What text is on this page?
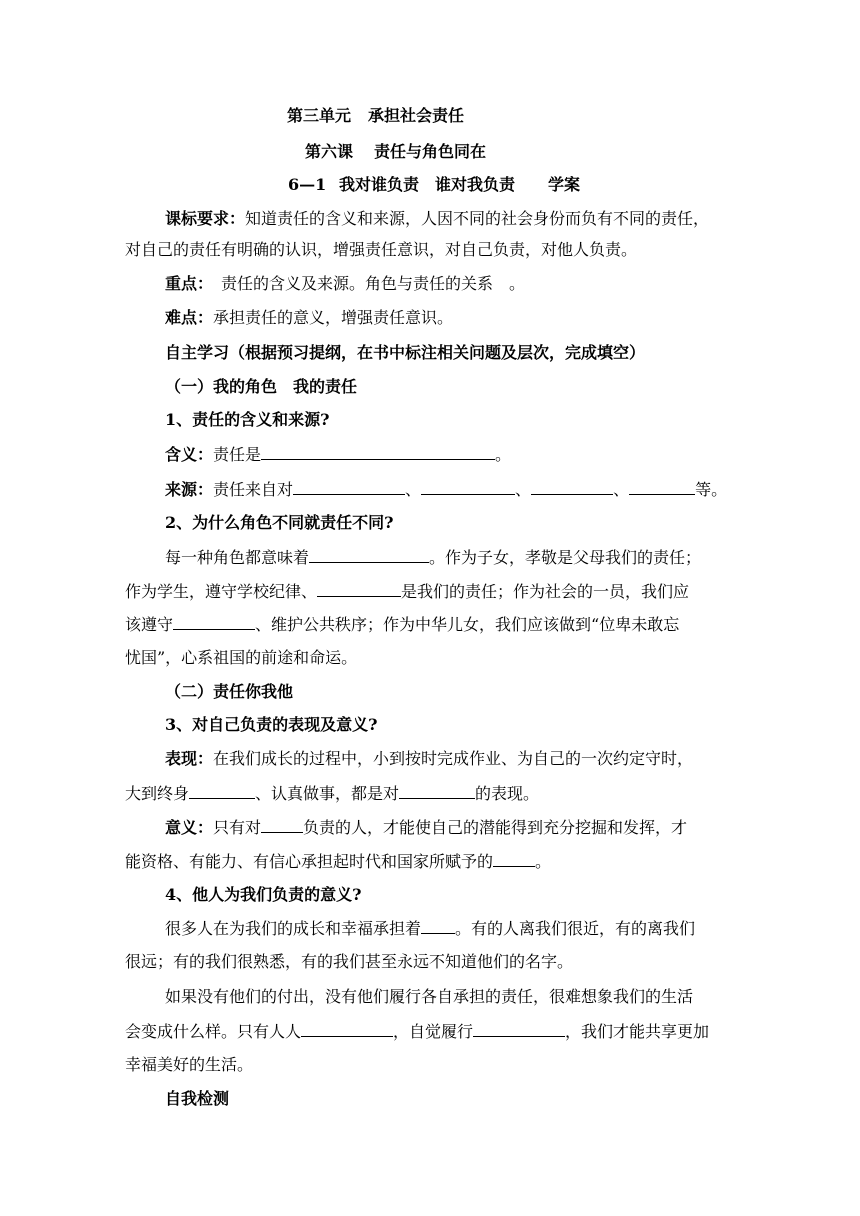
第三单元 承担社会责任
第六课 责任与角色同在
6—1 我对谁负责　谁对我负责 学案
课标要求：知道责任的含义和来源，人因不同的社会身份而负有不同的责任，
对自己的责任有明确的认识，增强责任意识，对自己负责，对他人负责。
重点：　责任的含义及来源。角色与责任的关系　。
难点：承担责任的意义，增强责任意识。
自主学习（根据预习提纲，在书中标注相关问题及层次，完成填空）
（一）我的角色　我的责任
1、责任的含义和来源?
含义：责任是	。
来源：责任来自对	、	、	、	等。
2、为什么角色不同就责任不同?
每一种角色都意味着	。作为子女，孝敬是父母我们的责任；
作为学生，遵守学校纪律、	是我们的责任；作为社会的一员，我们应
该遵守	、维护公共秩序；作为中华儿女，我们应该做到“位卑未敢忘
忧国”，心系祖国的前途和命运。
（二）责任你我他
3、对自己负责的表现及意义?
表现：在我们成长的过程中，小到按时完成作业、为自己的一次约定守时，
大到终身	、认真做事，都是对	的表现。
意义：只有对	负责的人，才能使自己的潜能得到充分挖掘和发挥，才
能资格、有能力、有信心承担起时代和国家所赋予的	。
4、他人为我们负责的意义?
很多人在为我们的成长和幸福承担着 。有的人离我们很近，有的离我们
很远；有的我们很熟悉，有的我们甚至永远不知道他们的名字。
如果没有他们的付出，没有他们履行各自承担的责任，很难想象我们的生活
会变成什么样。只有人人	，自觉履行	，我们才能共享更加
幸福美好的生活。
自我检测
